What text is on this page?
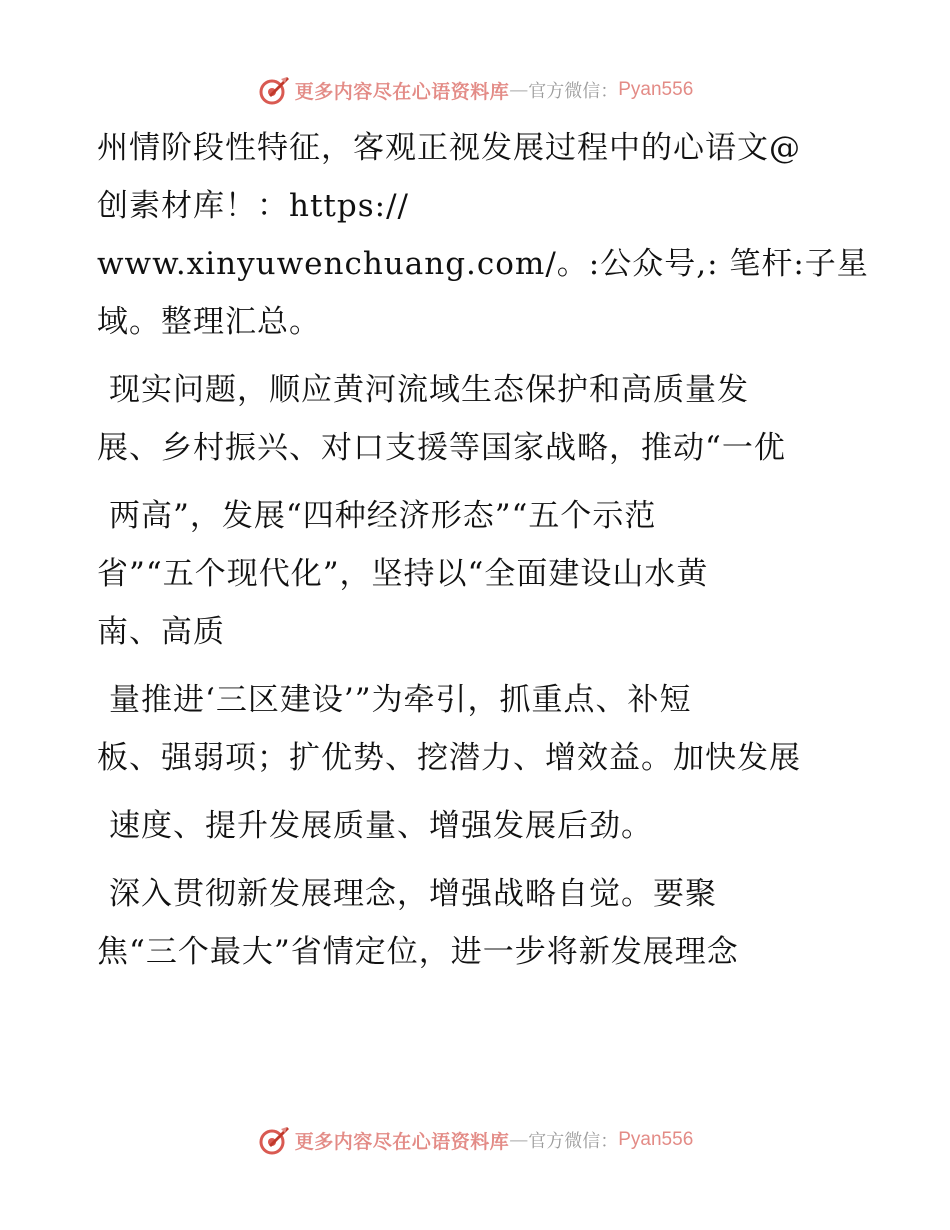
更多内容尽在心语资料库 — 官方微信： Pyan556
州情阶段性特征，客观正视发展过程中的心语文@
创素材库！：https://
www.xinyuwenchuang.com/。:公众号,: 笔杆:子星
域。整理汇总。
现实问题，顺应黄河流域生态保护和高质量发
展、乡村振兴、对口支援等国家战略，推动“一优
两高”，发展“四种经济形态”“五个示范
省”“五个现代化”，坚持以“全面建设山水黄
南、高质
量推进‘三区建设’”为牵引，抓重点、补短
板、强弱项；扩优势、挖潜力、增效益。加快发展
速度、提升发展质量、增强发展后劲。
深入贯彻新发展理念，增强战略自觉。要聚
焦“三个最大”省情定位，进一步将新发展理念
更多内容尽在心语资料库 — 官方微信： Pyan556
